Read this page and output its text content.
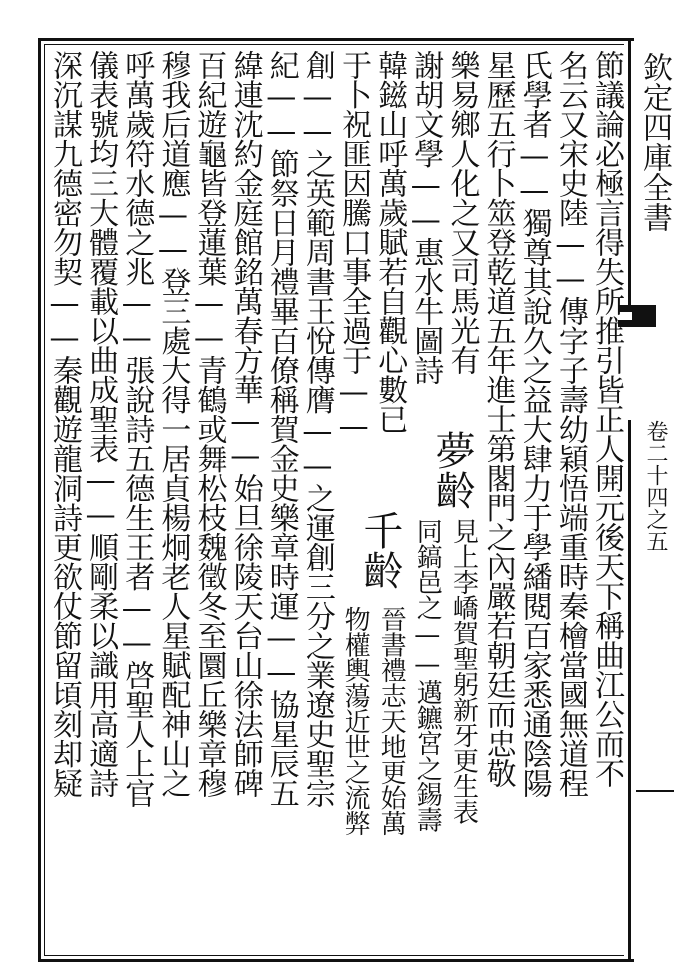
欽定四庫全書
卷二十四之五
節議論必極言得失所推引皆正人開元後天下稱曲江公而不
名云又宋史陸——傳字子壽幼穎悟端重時秦檜當國無道程
氏學者——獨尊其說久之益大肆力于學繙閱百家悉通陰陽
星歷五行卜筮登乾道五年進士第閣門之內嚴若朝廷而忠敬
樂易鄉人化之又司馬光有
夢齡
見上李嶠賀聖躬新牙更生表
謝胡文學——惠水牛圖詩
同鎬邑之——邁鑣宮之錫壽
韓鎡山呼萬歲賦若自觀心數已
千齡
晉書禮志天地更始萬
于卜祝匪因騰口事全過于——
物權輿蕩近世之流弊
創——之英範周書王悅傳膺——之運創三分之業遼史聖宗
紀——節祭日月禮畢百僚稱賀金史樂章時運——協星辰五
緯連沈約金庭館銘萬春方華——始旦徐陵天台山徐法師碑
百紀遊龜皆登蓮葉——青鶴或舞松枝魏徵冬至圜丘樂章穆
穆我后道應——登三處大得一居貞楊炯老人星賦配神山之
呼萬歲符水德之兆——張說詩五德生王者——啓聖人上官
儀表號均三大體覆載以曲成聖表——順剛柔以識用高適詩
深沉謀九德密勿契——秦觀遊龍洞詩更欲仗節留頃刻却疑
